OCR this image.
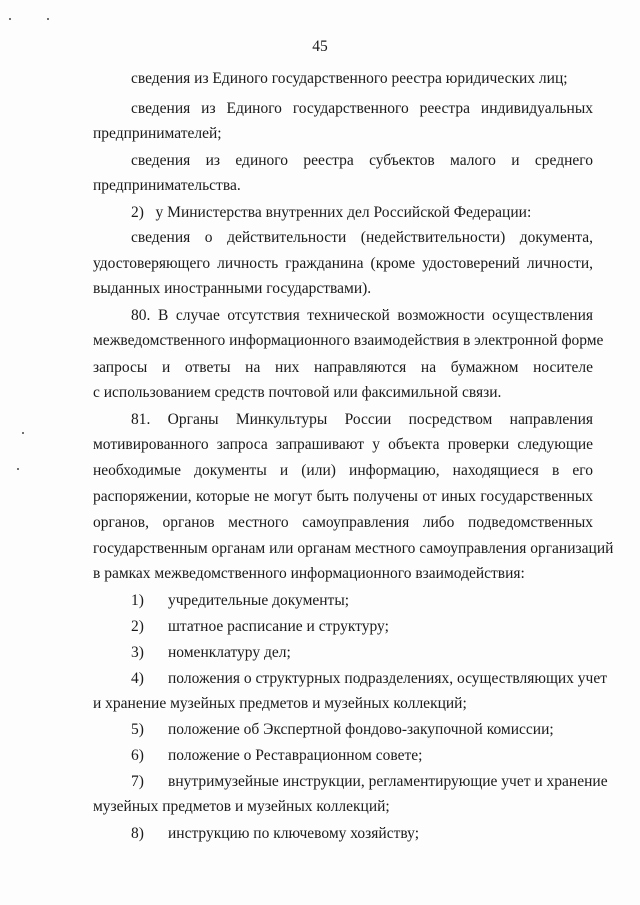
45
сведения из Единого государственного реестра юридических лиц;
сведения из Единого государственного реестра индивидуальных
предпринимателей;
сведения из единого реестра субъектов малого и среднего
предпринимательства.
2)   у Министерства внутренних дел Российской Федерации:
сведения о действительности (недействительности) документа,
удостоверяющего личность гражданина (кроме удостоверений личности,
выданных иностранными государствами).
80. В случае отсутствия технической возможности осуществления
межведомственного информационного взаимодействия в электронной форме
запросы и ответы на них направляются на бумажном носителе
с использованием средств почтовой или факсимильной связи.
81. Органы Минкультуры России посредством направления
мотивированного запроса запрашивают у объекта проверки следующие
необходимые документы и (или) информацию, находящиеся в его
распоряжении, которые не могут быть получены от иных государственных
органов, органов местного самоуправления либо подведомственных
государственным органам или органам местного самоуправления организаций
в рамках межведомственного информационного взаимодействия:
1) учредительные документы;
2) штатное расписание и структуру;
3) номенклатуру дел;
4) положения о структурных подразделениях, осуществляющих учет
и хранение музейных предметов и музейных коллекций;
5) положение об Экспертной фондово-закупочной комиссии;
6) положение о Реставрационном совете;
7) внутримузейные инструкции, регламентирующие учет и хранение
музейных предметов и музейных коллекций;
8) инструкцию по ключевому хозяйству;
